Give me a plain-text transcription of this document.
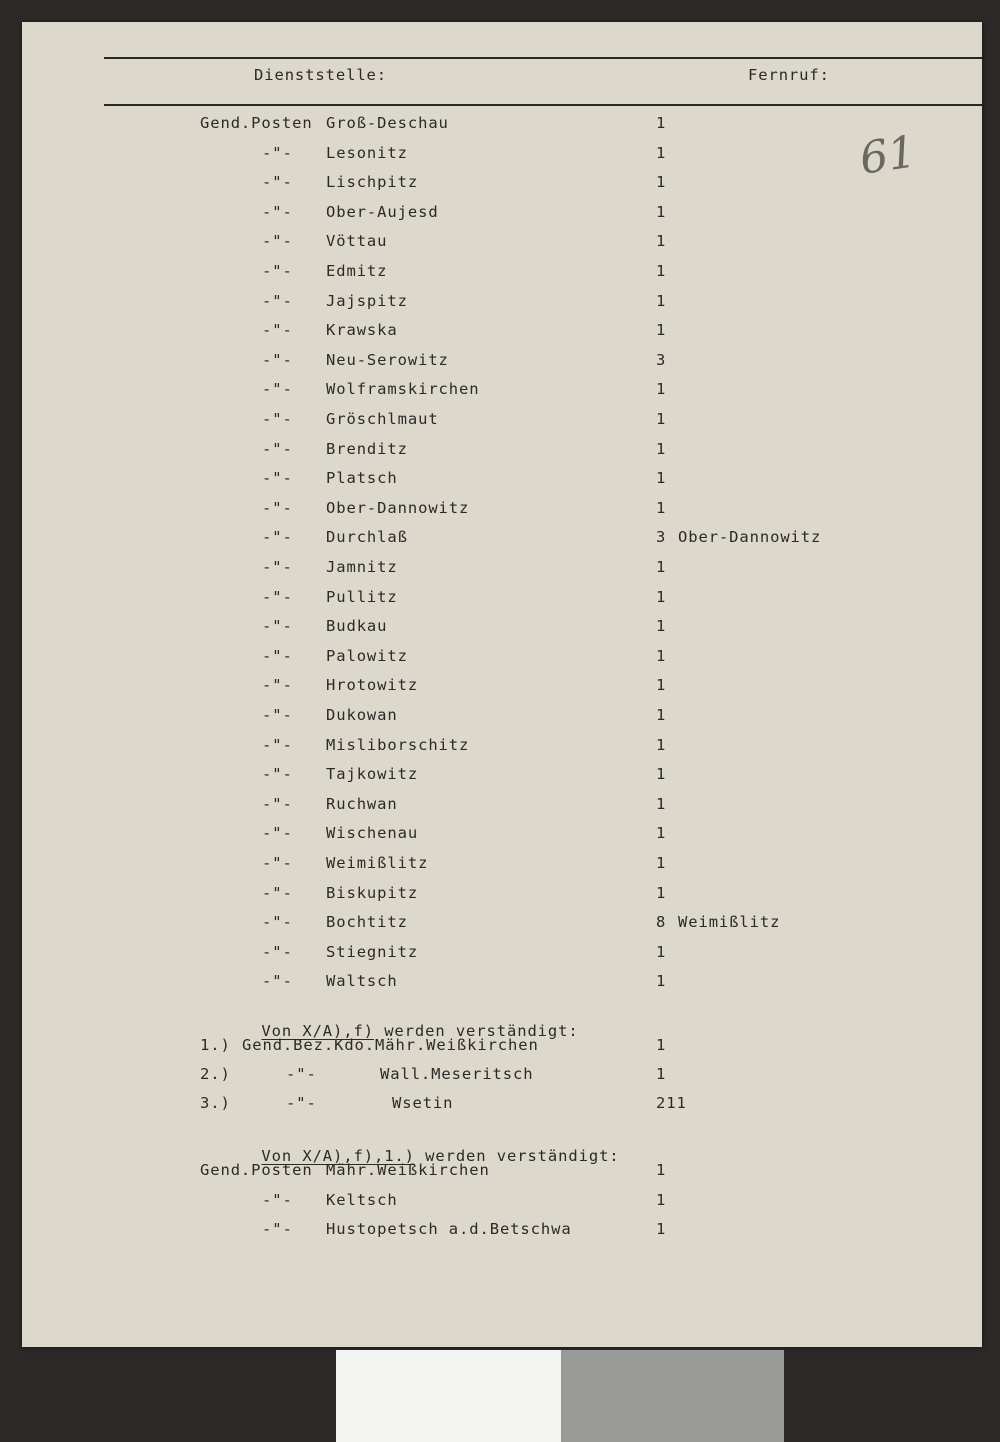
Dienststelle:	Fernruf:
61
Gend.Posten Groß-Deschau	1
-"- Lesonitz	1
-"- Lischpitz	1
-"- Ober-Aujesd	1
-"- Vöttau	1
-"- Edmitz	1
-"- Jajspitz	1
-"- Krawska	1
-"- Neu-Serowitz	3
-"- Wolframskirchen	1
-"- Gröschlmaut	1
-"- Brenditz	1
-"- Platsch	1
-"- Ober-Dannowitz	1
-"- Durchlaß	3 Ober-Dannowitz
-"- Jamnitz	1
-"- Pullitz	1
-"- Budkau	1
-"- Palowitz	1
-"- Hrotowitz	1
-"- Dukowan	1
-"- Misliborschitz	1
-"- Tajkowitz	1
-"- Ruchwan	1
-"- Wischenau	1
-"- Weimißlitz	1
-"- Biskupitz	1
-"- Bochtitz	8 Weimißlitz
-"- Stiegnitz	1
-"- Waltsch	1

Von X/A),f) werden verständigt:

1.) Gend.Bez.Kdo.Mähr.Weißkirchen	1
2.)	-"-	Wall.Meseritsch	1
3.)	-"-	Wsetin	211

Von X/A),f),1.) werden verständigt:

Gend.Posten Mähr.Weißkirchen	1
-"- Keltsch	1
-"- Hustopetsch a.d.Betschwa	1
